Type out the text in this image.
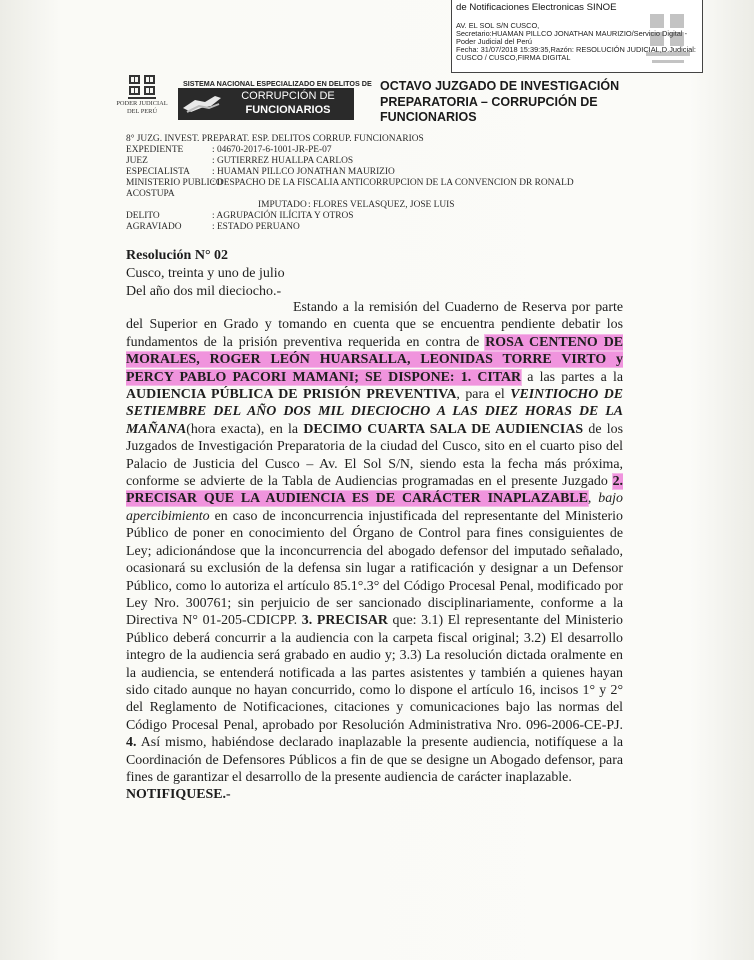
de Notificaciones Electronicas SINOE
AV. EL SOL S/N CUSCO,
Secretario:HUAMAN PILLCO JONATHAN MAURIZIO/Servicio Digital -
Poder Judicial del Perú
Fecha: 31/07/2018 15:39:35,Razón: RESOLUCIÓN JUDICIAL,D.Judicial:
CUSCO / CUSCO,FIRMA DIGITAL
PODER JUDICIAL
DEL PERÚ
SISTEMA NACIONAL ESPECIALIZADO EN DELITOS DE
CORRUPCIÓN DE
FUNCIONARIOS
OCTAVO JUZGADO DE INVESTIGACIÓN PREPARATORIA – CORRUPCIÓN DE FUNCIONARIOS
8° JUZG. INVEST. PREPARAT. ESP. DELITOS CORRUP. FUNCIONARIOS
EXPEDIENTE	: 04670-2017-6-1001-JR-PE-07
JUEZ	: GUTIERREZ HUALLPA CARLOS
ESPECIALISTA : HUAMAN PILLCO JONATHAN MAURIZIO
MINISTERIO PUBLICO
: DESPACHO DE LA FISCALIA ANTICORRUPCION DE LA CONVENCION DR RONALD
ACOSTUPA
IMPUTADO : FLORES VELASQUEZ, JOSE LUIS
DELITO	: AGRUPACIÓN ILÍCITA Y OTROS
AGRAVIADO	: ESTADO PERUANO
Resolución N° 02
Cusco, treinta y uno de julio
Del año dos mil dieciocho.-

Estando a la remisión del Cuaderno de Reserva por parte del Superior en Grado y tomando en cuenta que se encuentra pendiente debatir los fundamentos de la prisión preventiva requerida en contra de ROSA CENTENO DE MORALES, ROGER LEÓN HUARSALLA, LEONIDAS TORRE VIRTO y PERCY PABLO PACORI MAMANI; SE DISPONE: 1. CITAR a las partes a la AUDIENCIA PÚBLICA DE PRISIÓN PREVENTIVA, para el VEINTIOCHO DE SETIEMBRE DEL AÑO DOS MIL DIECIOCHO A LAS DIEZ HORAS DE LA MAÑANA(hora exacta), en la DECIMO CUARTA SALA DE AUDIENCIAS de los Juzgados de Investigación Preparatoria de la ciudad del Cusco, sito en el cuarto piso del Palacio de Justicia del Cusco – Av. El Sol S/N, siendo esta la fecha más próxima, conforme se advierte de la Tabla de Audiencias programadas en el presente Juzgado 2. PRECISAR QUE LA AUDIENCIA ES DE CARÁCTER INAPLAZABLE, bajo apercibimiento en caso de inconcurrencia injustificada del representante del Ministerio Público de poner en conocimiento del Órgano de Control para fines consiguientes de Ley; adicionándose que la inconcurrencia del abogado defensor del imputado señalado, ocasionará su exclusión de la defensa sin lugar a ratificación y designar a un Defensor Público, como lo autoriza el artículo 85.1°.3° del Código Procesal Penal, modificado por Ley Nro. 300761; sin perjuicio de ser sancionado disciplinariamente, conforme a la Directiva N° 01-205-CDICPP. 3. PRECISAR que: 3.1) El representante del Ministerio Público deberá concurrir a la audiencia con la carpeta fiscal original; 3.2) El desarrollo integro de la audiencia será grabado en audio y; 3.3) La resolución dictada oralmente en la audiencia, se entenderá notificada a las partes asistentes y también a quienes hayan sido citado aunque no hayan concurrido, como lo dispone el artículo 16, incisos 1° y 2° del Reglamento de Notificaciones, citaciones y comunicaciones bajo las normas del Código Procesal Penal, aprobado por Resolución Administrativa Nro. 096-2006-CE-PJ. 4. Así mismo, habiéndose declarado inaplazable la presente audiencia, notifíquese a la Coordinación de Defensores Públicos a fin de que se designe un Abogado defensor, para fines de garantizar el desarrollo de la presente audiencia de carácter inaplazable.
NOTIFIQUESE.-
